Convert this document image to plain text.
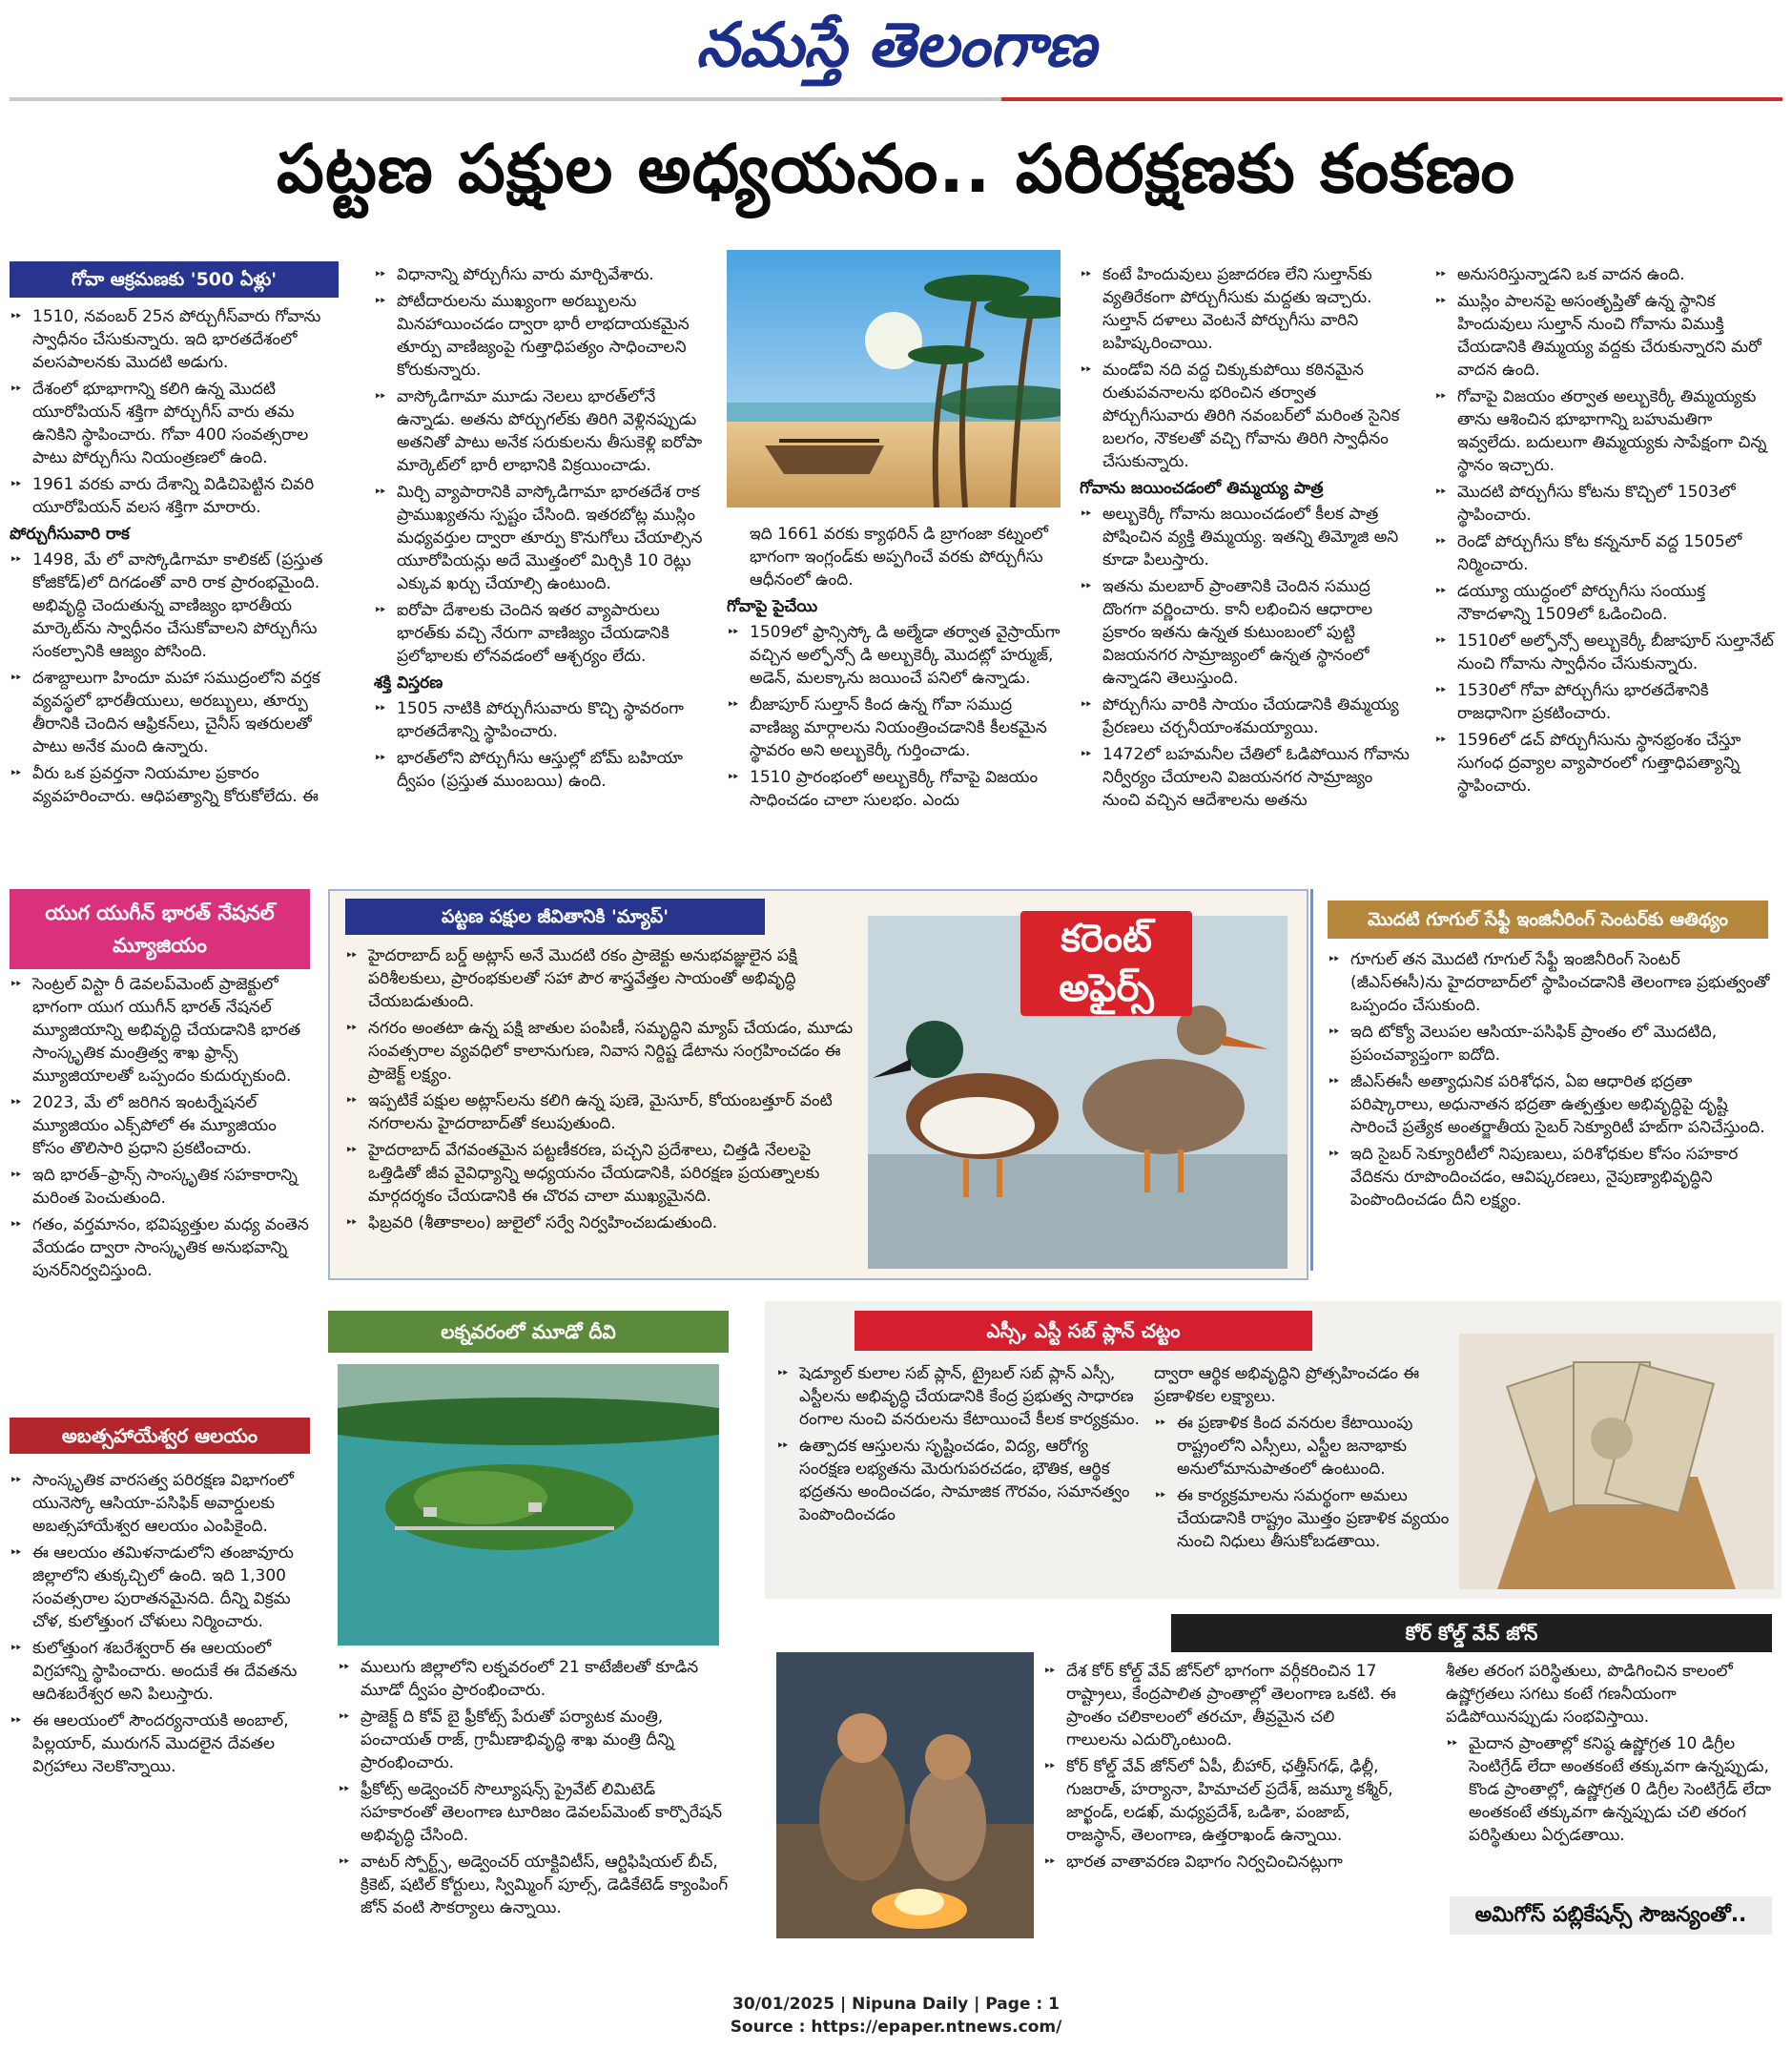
నమస్తే తెలంగాణ
పట్టణ పక్షుల అధ్యయనం.. పరిరక్షణకు కంకణం
గోవా ఆక్రమణకు '500 ఏళ్లు'
‣‣ 1510, నవంబర్ 25న పోర్చుగీస్‌వారు గోవాను స్వాధీనం చేసుకున్నారు. ఇది భారతదేశంలో వలసపాలనకు మొదటి అడుగు.
‣‣ దేశంలో భూభాగాన్ని కలిగి ఉన్న మొదటి యూరోపియన్ శక్తిగా పోర్చుగీస్ వారు తమ ఉనికిని స్థాపించారు. గోవా 400 సంవత్సరాల పాటు పోర్చుగీసు నియంత్రణలో ఉంది.
‣‣ 1961 వరకు వారు దేశాన్ని విడిచిపెట్టిన చివరి యూరోపియన్ వలస శక్తిగా మారారు.
పోర్చుగీసువారి రాక
‣‣ 1498, మే లో వాస్కోడిగామా కాలికట్ (ప్రస్తుత కోజికోడ్)లో దిగడంతో వారి రాక ప్రారంభమైంది. అభివృద్ధి చెందుతున్న వాణిజ్యం భారతీయ మార్కెట్‌ను స్వాధీనం చేసుకోవాలని పోర్చుగీసు సంకల్పానికి ఆజ్యం పోసింది.
‣‣ దశాబ్దాలుగా హిందూ మహా సముద్రంలోని వర్తక వ్యవస్థలో భారతీయులు, అరబ్బులు, తూర్పు తీరానికి చెందిన ఆఫ్రికన్‌లు, చైనీస్ ఇతరులతో పాటు అనేక మంది ఉన్నారు.
‣‣ వీరు ఒక ప్రవర్తనా నియమాల ప్రకారం వ్యవహరించారు. ఆధిపత్యాన్ని కోరుకోలేదు. ఈ
‣‣ విధానాన్ని పోర్చుగీసు వారు మార్చివేశారు.
‣‣ పోటీదారులను ముఖ్యంగా అరబ్బులను మినహాయించడం ద్వారా భారీ లాభదాయకమైన తూర్పు వాణిజ్యంపై గుత్తాధిపత్యం సాధించాలని కోరుకున్నారు.
‣‣ వాస్కోడిగామా మూడు నెలలు భారత్‌లోనే ఉన్నాడు. అతను పోర్చుగల్‌కు తిరిగి వెళ్లినప్పుడు అతనితో పాటు అనేక సరుకులను తీసుకెళ్లి ఐరోపా మార్కెట్‌లో భారీ లాభానికి విక్రయించాడు.
‣‣ మిర్చి వ్యాపారానికి వాస్కోడిగామా భారతదేశ రాక ప్రాముఖ్యతను స్పష్టం చేసింది. ఇతరబోట్ల ముస్లిం మధ్యవర్తుల ద్వారా తూర్పు కొనుగోలు చేయాల్సిన యూరోపియన్లు అదే మొత్తంలో మిర్చికి 10 రెట్లు ఎక్కువ ఖర్చు చేయాల్సి ఉంటుంది.
‣‣ ఐరోపా దేశాలకు చెందిన ఇతర వ్యాపారులు భారత్‌కు వచ్చి నేరుగా వాణిజ్యం చేయడానికి ప్రలోభాలకు లోనవడంలో ఆశ్చర్యం లేదు.
శక్తి విస్తరణ
‣‣ 1505 నాటికి పోర్చుగీసువారు కొచ్చి స్థావరంగా భారతదేశాన్ని స్థాపించారు.
‣‣ భారత్‌లోని పోర్చుగీసు ఆస్తుల్లో బోమ్ బహియా ద్వీపం (ప్రస్తుత ముంబయి) ఉంది.
ఇది 1661 వరకు క్యాథరిన్ డి బ్రాగంజా కట్నంలో భాగంగా ఇంగ్లండ్‌కు అప్పగించే వరకు పోర్చుగీసు ఆధీనంలో ఉంది.
గోవాపై పైచేయి
‣‣ 1509లో ఫ్రాన్సిస్కో డి అల్మేడా తర్వాత వైస్రాయ్‌గా వచ్చిన అల్ఫోన్సో డి అల్బుకెర్కీ మొదట్లో హర్ముజ్, అడెన్, మలక్కాను జయించే పనిలో ఉన్నాడు.
‣‣ బీజాపూర్ సుల్తాన్ కింద ఉన్న గోవా సముద్ర వాణిజ్య మార్గాలను నియంత్రించడానికి కీలకమైన స్థావరం అని అల్బుకెర్కీ గుర్తించాడు.
‣‣ 1510 ప్రారంభంలో అల్బుకెర్కీ గోవాపై విజయం సాధించడం చాలా సులభం. ఎందు
‣‣ కంటే హిందువులు ప్రజాదరణ లేని సుల్తాన్‌కు వ్యతిరేకంగా పోర్చుగీసుకు మద్దతు ఇచ్చారు. సుల్తాన్ దళాలు వెంటనే పోర్చుగీసు వారిని బహిష్కరించాయి.
‣‣ మండోవి నది వద్ద చిక్కుకుపోయి కఠినమైన రుతుపవనాలను భరించిన తర్వాత పోర్చుగీసువారు తిరిగి నవంబర్‌లో మరింత సైనిక బలగం, నౌకలతో వచ్చి గోవాను తిరిగి స్వాధీనం చేసుకున్నారు.
గోవాను జయించడంలో తిమ్మయ్య పాత్ర
‣‣ అల్బుకెర్కీ గోవాను జయించడంలో కీలక పాత్ర పోషించిన వ్యక్తి తిమ్మయ్య. ఇతన్ని తిమ్మోజి అని కూడా పిలుస్తారు.
‣‣ ఇతను మలబార్ ప్రాంతానికి చెందిన సముద్ర దొంగగా వర్ణించారు. కానీ లభించిన ఆధారాల ప్రకారం ఇతను ఉన్నత కుటుంబంలో పుట్టి విజయనగర సామ్రాజ్యంలో ఉన్నత స్థానంలో ఉన్నాడని తెలుస్తుంది.
‣‣ పోర్చుగీసు వారికి సాయం చేయడానికి తిమ్మయ్య ప్రేరణలు చర్చనీయాంశమయ్యాయి.
‣‣ 1472లో బహమనీల చేతిలో ఓడిపోయిన గోవాను నిర్వీర్యం చేయాలని విజయనగర సామ్రాజ్యం నుంచి వచ్చిన ఆదేశాలను అతను
‣‣ అనుసరిస్తున్నాడని ఒక వాదన ఉంది.
‣‣ ముస్లిం పాలనపై అసంతృప్తితో ఉన్న స్థానిక హిందువులు సుల్తాన్ నుంచి గోవాను విముక్తి చేయడానికి తిమ్మయ్య వద్దకు చేరుకున్నారని మరో వాదన ఉంది.
‣‣ గోవాపై విజయం తర్వాత అల్బుకెర్కీ తిమ్మయ్యకు తాను ఆశించిన భూభాగాన్ని బహుమతిగా ఇవ్వలేదు. బదులుగా తిమ్మయ్యకు సాపేక్షంగా చిన్న స్థానం ఇచ్చారు.
‣‣ మొదటి పోర్చుగీసు కోటను కొచ్చిలో 1503లో స్థాపించారు.
‣‣ రెండో పోర్చుగీసు కోట కన్ననూర్ వద్ద 1505లో నిర్మించారు.
‣‣ డయ్యూ యుద్ధంలో పోర్చుగీసు సంయుక్త నౌకాదళాన్ని 1509లో ఓడించింది.
‣‣ 1510లో అల్ఫోన్సో అల్బుకెర్కీ బీజాపూర్ సుల్తానేట్ నుంచి గోవాను స్వాధీనం చేసుకున్నారు.
‣‣ 1530లో గోవా పోర్చుగీసు భారతదేశానికి రాజధానిగా ప్రకటించారు.
‣‣ 1596లో డచ్ పోర్చుగీసును స్థానభ్రంశం చేస్తూ సుగంధ ద్రవ్యాల వ్యాపారంలో గుత్తాధిపత్యాన్ని స్థాపించారు.
యుగ యుగీన్ భారత్ నేషనల్ మ్యూజియం
‣‣ సెంట్రల్ విస్టా రీ డెవలప్‌మెంట్ ప్రాజెక్టులో భాగంగా యుగ యుగీన్ భారత్ నేషనల్ మ్యూజియాన్ని అభివృద్ధి చేయడానికి భారత సాంస్కృతిక మంత్రిత్వ శాఖ ఫ్రాన్స్ మ్యూజియాలతో ఒప్పందం కుదుర్చుకుంది.
‣‣ 2023, మే లో జరిగిన ఇంటర్నేషనల్ మ్యూజియం ఎక్స్‌పోలో ఈ మ్యూజియం కోసం తొలిసారి ప్రధాని ప్రకటించారు.
‣‣ ఇది భారత్–ఫ్రాన్స్ సాంస్కృతిక సహకారాన్ని మరింత పెంచుతుంది.
‣‣ గతం, వర్తమానం, భవిష్యత్తుల మధ్య వంతెన వేయడం ద్వారా సాంస్కృతిక అనుభవాన్ని పునర్‌నిర్వచిస్తుంది.
అబత్సహాయేశ్వర ఆలయం
‣‣ సాంస్కృతిక వారసత్వ పరిరక్షణ విభాగంలో యునెస్కో ఆసియా-పసిఫిక్ అవార్డులకు అబత్సహాయేశ్వర ఆలయం ఎంపికైంది.
‣‣ ఈ ఆలయం తమిళనాడులోని తంజావూరు జిల్లాలోని తుక్కచ్చిలో ఉంది. ఇది 1,300 సంవత్సరాల పురాతనమైనది. దీన్ని విక్రమ చోళ, కులోత్తుంగ చోళులు నిర్మించారు.
‣‣ కులోత్తుంగ శబరేశ్వరార్ ఈ ఆలయంలో విగ్రహాన్ని స్థాపించారు. అందుకే ఈ దేవతను ఆదిశబరేశ్వర అని పిలుస్తారు.
‣‣ ఈ ఆలయంలో సౌందర్యనాయకి అంబాల్, పిల్లయార్, మురుగన్ మొదలైన దేవతల విగ్రహాలు నెలకొన్నాయి.
పట్టణ పక్షుల జీవితానికి 'మ్యాప్'	కరెంట్ అఫైర్స్
‣‣ హైదరాబాద్ బర్డ్ అట్లాస్ అనే మొదటి రకం ప్రాజెక్టు అనుభవజ్ఞులైన పక్షి పరిశీలకులు, ప్రారంభకులతో సహా పౌర శాస్త్రవేత్తల సాయంతో అభివృద్ధి చేయబడుతుంది.
‣‣ నగరం అంతటా ఉన్న పక్షి జాతుల పంపిణీ, సమృద్ధిని మ్యాప్ చేయడం, మూడు సంవత్సరాల వ్యవధిలో కాలానుగుణ, నివాస నిర్దిష్ట డేటాను సంగ్రహించడం ఈ ప్రాజెక్ట్ లక్ష్యం.
‣‣ ఇప్పటికే పక్షుల అట్లాస్‌లను కలిగి ఉన్న పుణె, మైసూర్, కోయంబత్తూర్ వంటి నగరాలను హైదరాబాద్‌తో కలుపుతుంది.
‣‣ హైదరాబాద్ వేగవంతమైన పట్టణీకరణ, పచ్చని ప్రదేశాలు, చిత్తడి నేలలపై ఒత్తిడితో జీవ వైవిధ్యాన్ని అధ్యయనం చేయడానికి, పరిరక్షణ ప్రయత్నాలకు మార్గదర్శకం చేయడానికి ఈ చొరవ చాలా ముఖ్యమైనది.
‣‣ ఫిబ్రవరి (శీతాకాలం) జులైలో సర్వే నిర్వహించబడుతుంది.
మొదటి గూగుల్ సేఫ్టీ ఇంజినీరింగ్ సెంటర్‌కు ఆతిథ్యం
‣‣ గూగుల్ తన మొదటి గూగుల్ సేఫ్టీ ఇంజినీరింగ్ సెంటర్ (జీఎస్‌ఈసీ)ను హైదరాబాద్‌లో స్థాపించడానికి తెలంగాణ ప్రభుత్వంతో ఒప్పందం చేసుకుంది.
‣‣ ఇది టోక్యో వెలుపల ఆసియా-పసిఫిక్ ప్రాంతం లో మొదటిది, ప్రపంచవ్యాప్తంగా ఐదోది.
‣‣ జీఎస్‌ఈసీ అత్యాధునిక పరిశోధన, ఏఐ ఆధారిత భద్రతా పరిష్కారాలు, అధునాతన భద్రతా ఉత్పత్తుల అభివృద్ధిపై దృష్టి సారించే ప్రత్యేక అంతర్జాతీయ సైబర్ సెక్యూరిటీ హబ్‌గా పనిచేస్తుంది.
‣‣ ఇది సైబర్ సెక్యూరిటీలో నిపుణులు, పరిశోధకుల కోసం సహకార వేదికను రూపొందించడం, ఆవిష్కరణలు, నైపుణ్యాభివృద్ధిని పెంపొందించడం దీని లక్ష్యం.
లక్నవరంలో మూడో దీవి
‣‣ ములుగు జిల్లాలోని లక్నవరంలో 21 కాటేజీలతో కూడిన మూడో ద్వీపం ప్రారంభించారు.
‣‣ ప్రాజెక్ట్ ది కోవ్ బై ఫ్రీకోట్స్ పేరుతో పర్యాటక మంత్రి, పంచాయత్ రాజ్, గ్రామీణాభివృద్ధి శాఖ మంత్రి దీన్ని ప్రారంభించారు.
‣‣ ఫ్రీకోట్స్ అడ్వెంచర్ సొల్యూషన్స్ ప్రైవేట్ లిమిటెడ్ సహకారంతో తెలంగాణ టూరిజం డెవలప్‌మెంట్ కార్పొరేషన్ అభివృద్ధి చేసింది.
‣‣ వాటర్ స్పోర్ట్స్, అడ్వెంచర్ యాక్టివిటీస్, ఆర్టిఫిషియల్ బీచ్, క్రికెట్, షటిల్ కోర్టులు, స్విమ్మింగ్ పూల్స్, డెడికేటెడ్ క్యాంపింగ్ జోన్ వంటి సౌకర్యాలు ఉన్నాయి.
ఎస్సీ, ఎస్టీ సబ్ ప్లాన్ చట్టం
‣‣ షెడ్యూల్ కులాల సబ్ ప్లాన్, ట్రైబల్ సబ్ ప్లాన్ ఎస్సీ, ఎస్టీలను అభివృద్ధి చేయడానికి కేంద్ర ప్రభుత్వ సాధారణ రంగాల నుంచి వనరులను కేటాయించే కీలక కార్యక్రమం.
‣‣ ఉత్పాదక ఆస్తులను సృష్టించడం, విద్య, ఆరోగ్య సంరక్షణ లభ్యతను మెరుగుపరచడం, భౌతిక, ఆర్థిక భద్రతను అందించడం, సామాజిక గౌరవం, సమానత్వం పెంపొందించడం
ద్వారా ఆర్థిక అభివృద్ధిని ప్రోత్సహించడం ఈ ప్రణాళికల లక్ష్యాలు.
‣‣ ఈ ప్రణాళిక కింద వనరుల కేటాయింపు రాష్ట్రంలోని ఎస్సీలు, ఎస్టీల జనాభాకు అనులోమానుపాతంలో ఉంటుంది.
‣‣ ఈ కార్యక్రమాలను సమర్థంగా అమలు చేయడానికి రాష్ట్రం మొత్తం ప్రణాళిక వ్యయం నుంచి నిధులు తీసుకోబడతాయి.
కోర్ కోల్డ్ వేవ్ జోన్
‣‣ దేశ కోర్ కోల్డ్ వేవ్ జోన్‌లో భాగంగా వర్గీకరించిన 17 రాష్ట్రాలు, కేంద్రపాలిత ప్రాంతాల్లో తెలంగాణ ఒకటి. ఈ ప్రాంతం చలికాలంలో తరచూ, తీవ్రమైన చలి గాలులను ఎదుర్కొంటుంది.
‣‣ కోర్ కోల్డ్ వేవ్ జోన్‌లో ఏపీ, బీహార్, ఛత్తీస్‌గఢ్, ఢిల్లీ, గుజరాత్, హర్యానా, హిమాచల్ ప్రదేశ్, జమ్మూ కశ్మీర్, జార్ఖండ్, లడఖ్, మధ్యప్రదేశ్, ఒడిశా, పంజాబ్, రాజస్థాన్, తెలంగాణ, ఉత్తరాఖండ్ ఉన్నాయి.
‣‣ భారత వాతావరణ విభాగం నిర్వచించినట్లుగా
శీతల తరంగ పరిస్థితులు, పొడిగించిన కాలంలో ఉష్ణోగ్రతలు సగటు కంటే గణనీయంగా పడిపోయినప్పుడు సంభవిస్తాయి.
‣‣ మైదాన ప్రాంతాల్లో కనిష్ఠ ఉష్ణోగ్రత 10 డిగ్రీల సెంటిగ్రేడ్ లేదా అంతకంటే తక్కువగా ఉన్నప్పుడు, కొండ ప్రాంతాల్లో, ఉష్ణోగ్రత 0 డిగ్రీల సెంటిగ్రేడ్ లేదా అంతకంటే తక్కువగా ఉన్నప్పుడు చలి తరంగ పరిస్థితులు ఏర్పడతాయి.
అమిగోస్ పబ్లికేషన్స్ సౌజన్యంతో..
30/01/2025 | Nipuna Daily | Page : 1
Source : https://epaper.ntnews.com/
